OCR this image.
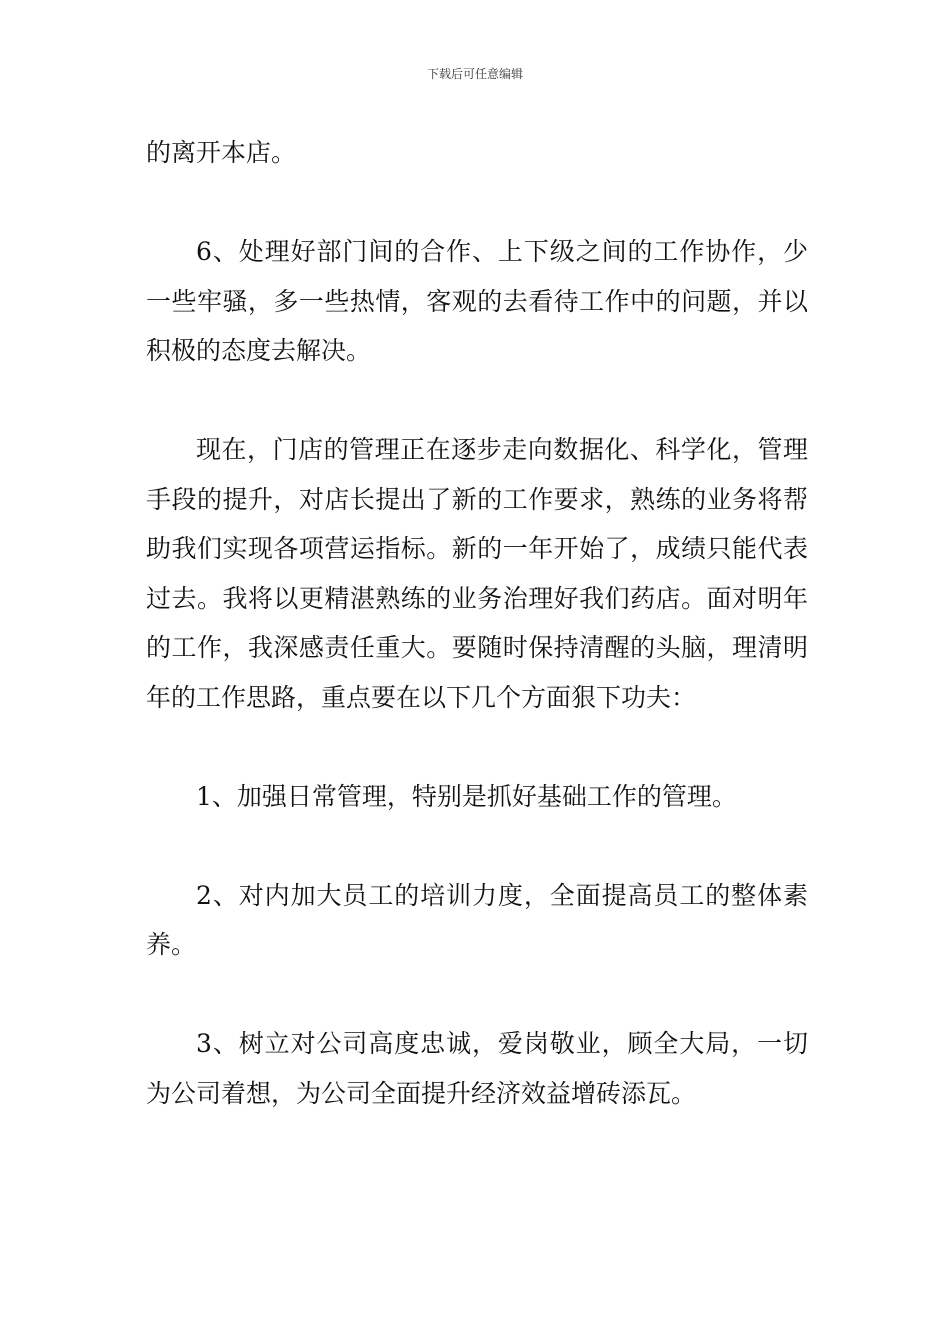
下载后可任意编辑

的离开本店。

6、处理好部门间的合作、上下级之间的工作协作，少一些牢骚，多一些热情，客观的去看待工作中的问题，并以积极的态度去解决。

现在，门店的管理正在逐步走向数据化、科学化，管理手段的提升，对店长提出了新的工作要求，熟练的业务将帮助我们实现各项营运指标。新的一年开始了，成绩只能代表过去。我将以更精湛熟练的业务治理好我们药店。面对明年的工作，我深感责任重大。要随时保持清醒的头脑，理清明年的工作思路，重点要在以下几个方面狠下功夫：

1、加强日常管理，特别是抓好基础工作的管理。

2、对内加大员工的培训力度，全面提高员工的整体素养。

3、树立对公司高度忠诚，爱岗敬业，顾全大局，一切为公司着想，为公司全面提升经济效益增砖添瓦。
